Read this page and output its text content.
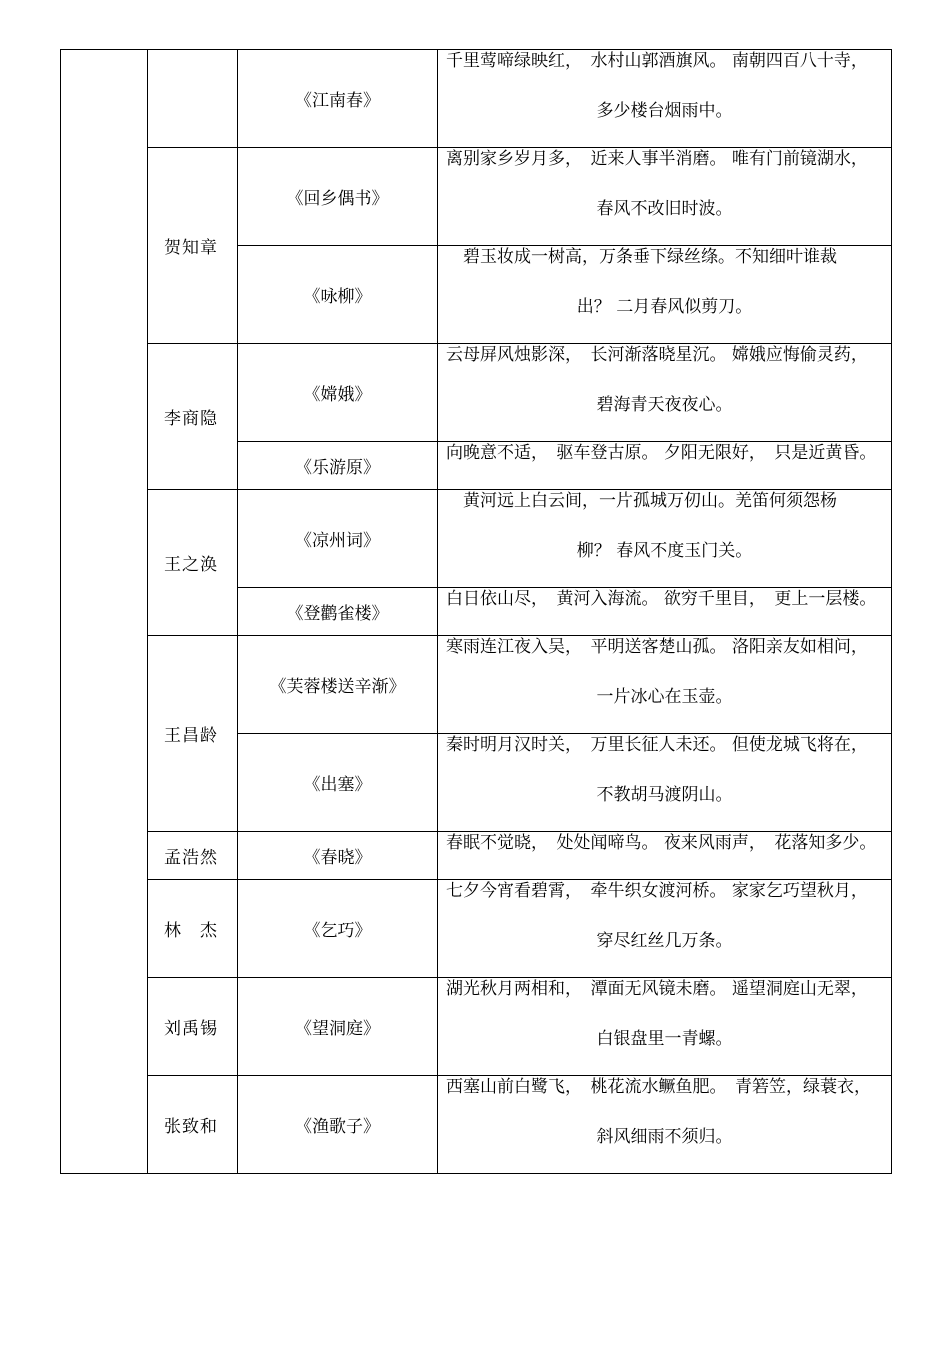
		《江南春》	千里莺啼绿映红，　水村山郭酒旗风。 南朝四百八十寺，
多少楼台烟雨中。

	贺知章	《回乡偶书》	离别家乡岁月多，　近来人事半消磨。 唯有门前镜湖水，
春风不改旧时波。

		《咏柳》	　碧玉妆成一树高，万条垂下绿丝绦。不知细叶谁裁
出？ 二月春风似剪刀。

	李商隐	《嫦娥》	云母屏风烛影深，　长河渐落晓星沉。 嫦娥应悔偷灵药，
碧海青天夜夜心。

		《乐游原》	向晚意不适，　驱车登古原。 夕阳无限好，　只是近黄昏。

	王之涣	《凉州词》	　黄河远上白云间，一片孤城万仞山。羌笛何须怨杨
柳？ 春风不度玉门关。

		《登鹳雀楼》	白日依山尽，　黄河入海流。 欲穷千里目，　更上一层楼。

	王昌龄	《芙蓉楼送辛渐》	寒雨连江夜入吴，　平明送客楚山孤。 洛阳亲友如相问，
一片冰心在玉壶。

		《出塞》	秦时明月汉时关，　万里长征人未还。 但使龙城飞将在，
不教胡马渡阴山。

	孟浩然	《春晓》	春眠不觉晓，　处处闻啼鸟。 夜来风雨声，　花落知多少。

	林　杰	《乞巧》	七夕今宵看碧霄，　牵牛织女渡河桥。 家家乞巧望秋月，
穿尽红丝几万条。

	刘禹锡	《望洞庭》	湖光秋月两相和，　潭面无风镜未磨。 遥望洞庭山无翠，
白银盘里一青螺。

	张致和	《渔歌子》	西塞山前白鹭飞，　桃花流水鳜鱼肥。　青箬笠，绿蓑衣，
斜风细雨不须归。
